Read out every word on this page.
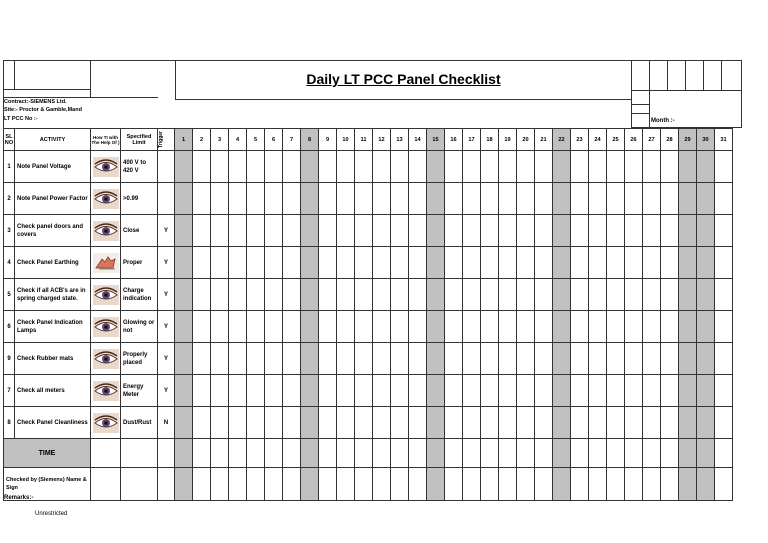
Daily LT PCC Panel Checklist
Month :-
Contract:-SIEMENS Ltd.
Site:- Proctor & Gamble,Mand
LT PCC No :-
SL NO	ACTIVITY	How TI with The Help Of )	Specified Limit	Trigger	1	2	3	4	5	6	7	8	9	10	11	12	13	14	15	16	17	18	19	20	21	22	23	24	25	26	27	28	29	30	31
1	Note Panel Voltage		400 V to 420 V																																
2	Note Panel Power Factor		>0.99																																
3	Check panel doors and covers		Close	Y																															
4	Check Panel Earthing		Proper	Y																															
5	Check if all ACB's are in spring charged state.		Charge indication	Y																															
6	Check Panel Indication Lamps		Glowing or not	Y																															
9	Check Rubber mats		Properly placed	Y																															
7	Check all meters		Energy Meter	Y																															
8	Check Panel Cleanliness		Dust/Rust	N																															
TIME																																			
Checked by (Siemens) Name & Sign																																			
Remarks:-
Unrestricted
